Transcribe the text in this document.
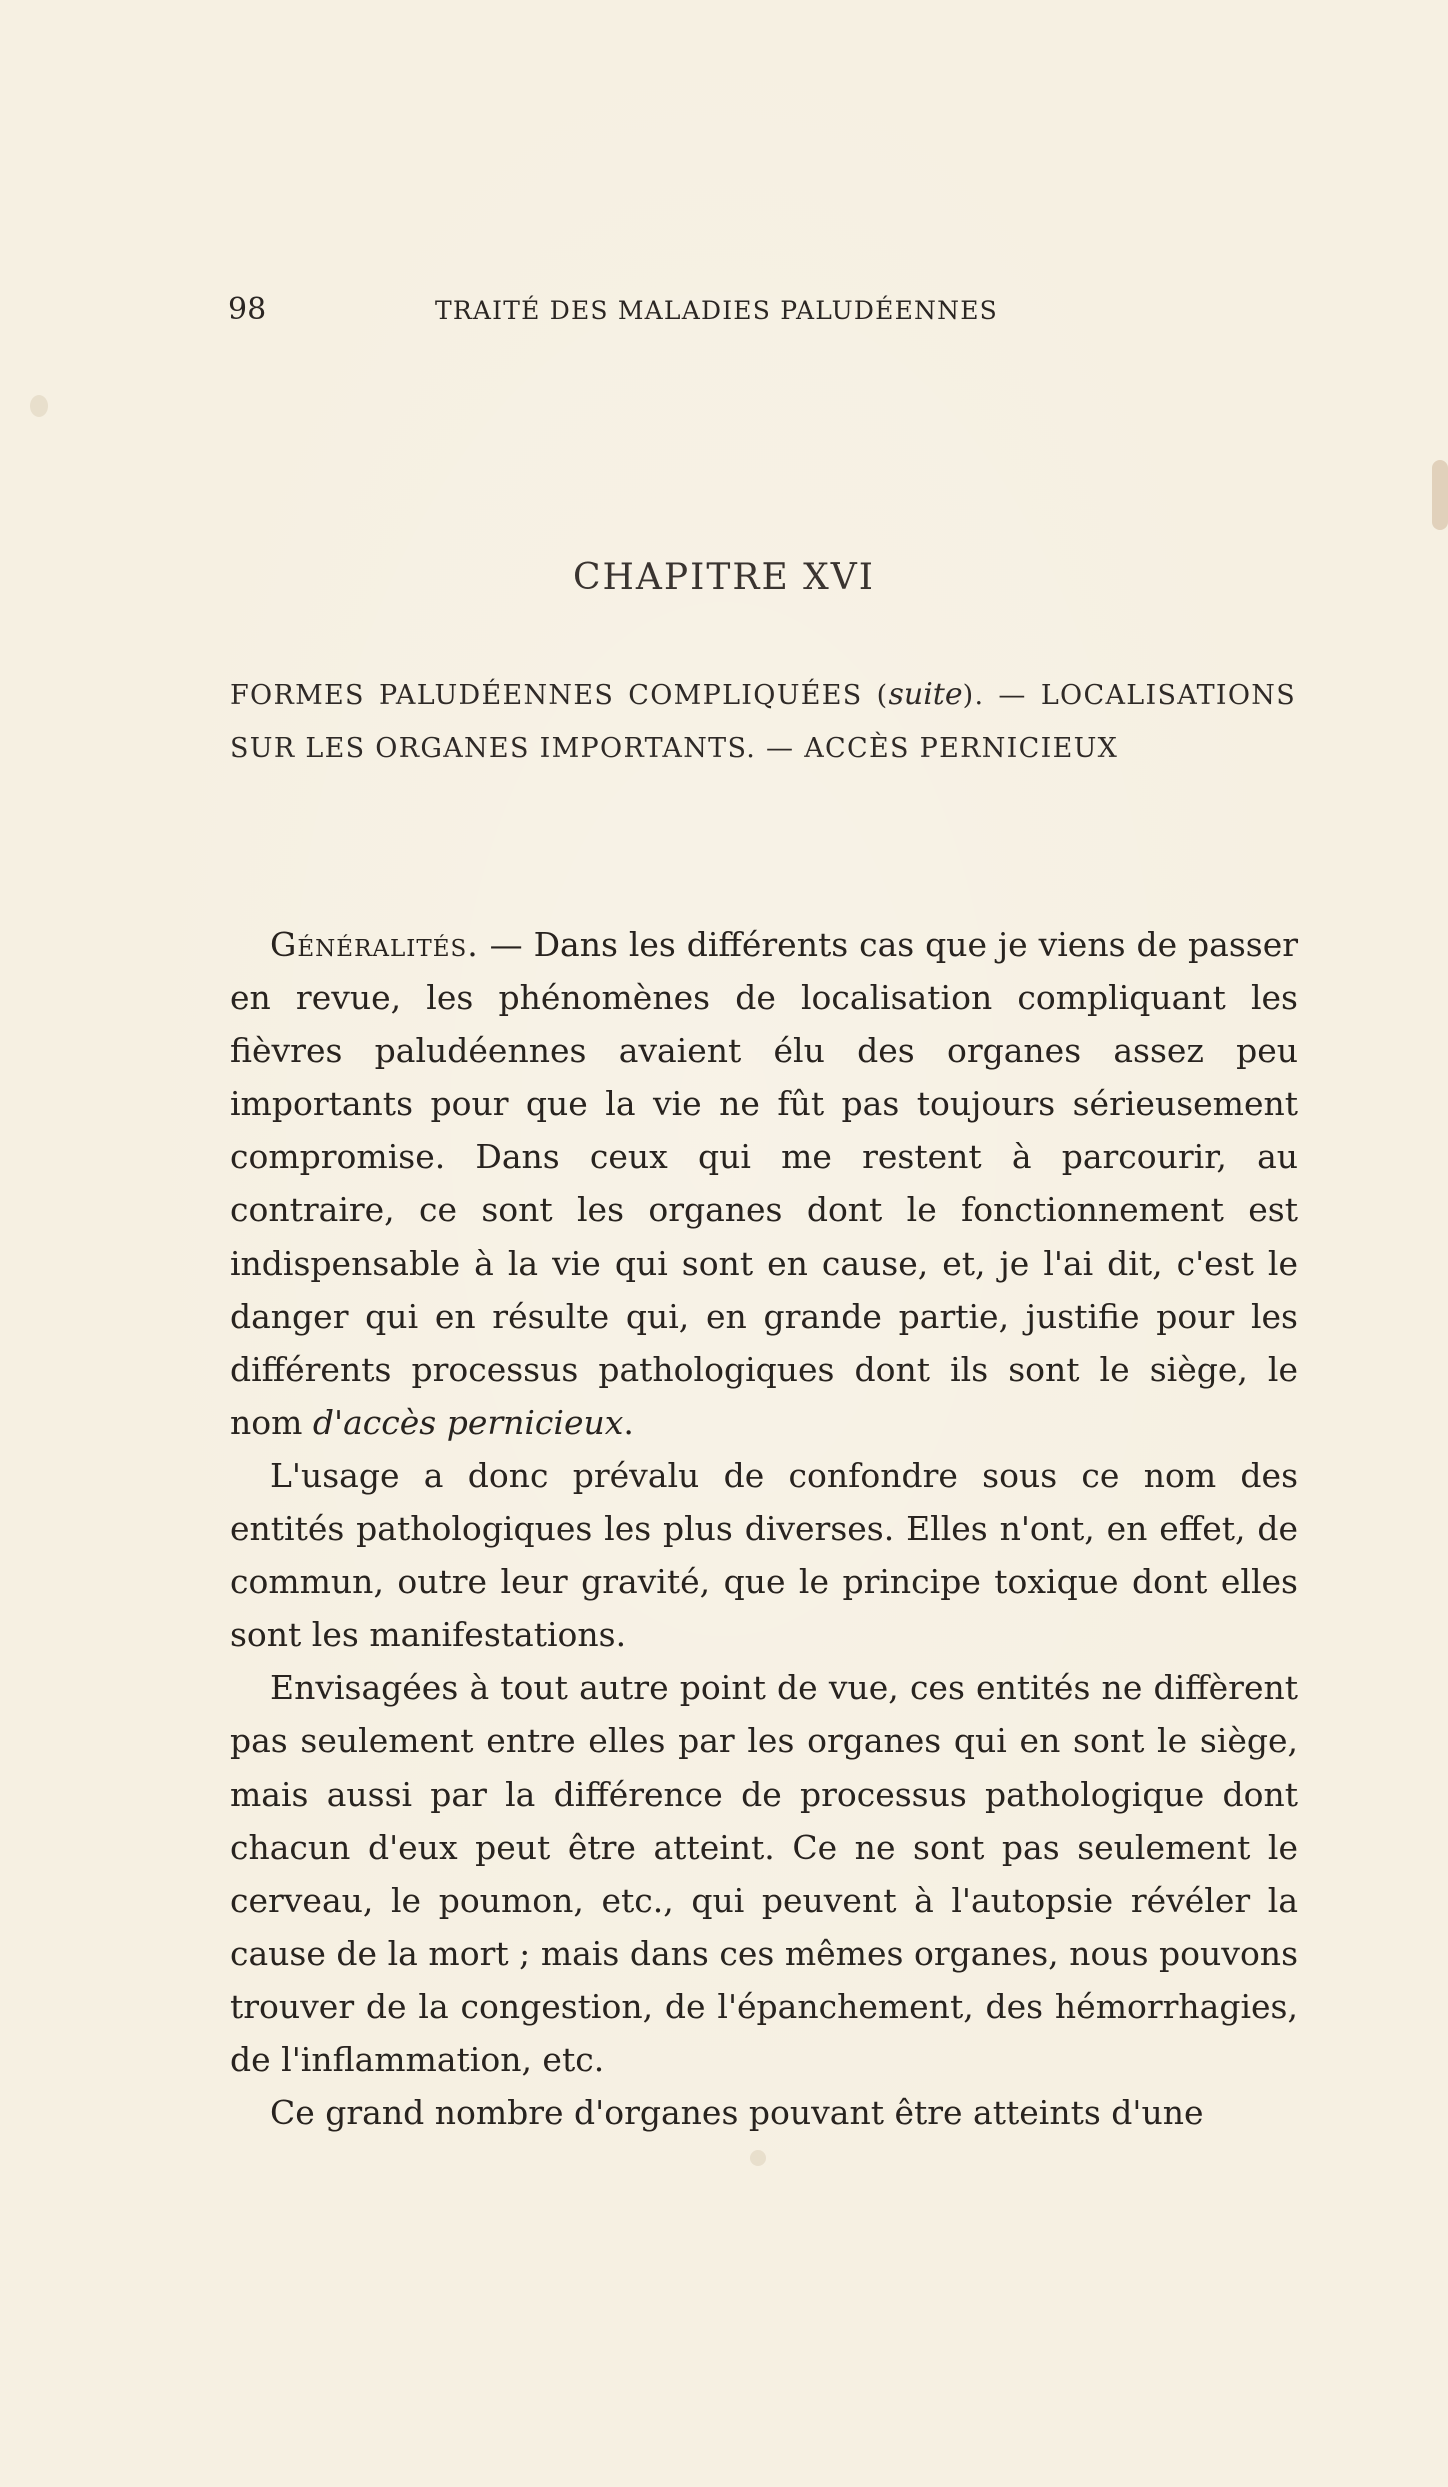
98	TRAITÉ DES MALADIES PALUDÉENNES
CHAPITRE XVI
FORMES PALUDÉENNES COMPLIQUÉES (suite). — LOCALISATIONS SUR LES ORGANES IMPORTANTS. — ACCÈS PERNICIEUX

Généralités. — Dans les différents cas que je viens de passer en revue, les phénomènes de localisation compliquant les fièvres paludéennes avaient élu des organes assez peu importants pour que la vie ne fût pas toujours sérieusement compromise. Dans ceux qui me restent à parcourir, au contraire, ce sont les organes dont le fonctionnement est indispensable à la vie qui sont en cause, et, je l'ai dit, c'est le danger qui en résulte qui, en grande partie, justifie pour les différents processus pathologiques dont ils sont le siège, le nom d'accès pernicieux.

L'usage a donc prévalu de confondre sous ce nom des entités pathologiques les plus diverses. Elles n'ont, en effet, de commun, outre leur gravité, que le principe toxique dont elles sont les manifestations.

Envisagées à tout autre point de vue, ces entités ne diffèrent pas seulement entre elles par les organes qui en sont le siège, mais aussi par la différence de processus pathologique dont chacun d'eux peut être atteint. Ce ne sont pas seulement le cerveau, le poumon, etc., qui peuvent à l'autopsie révéler la cause de la mort ; mais dans ces mêmes organes, nous pouvons trouver de la congestion, de l'épanchement, des hémorrhagies, de l'inflammation, etc.

Ce grand nombre d'organes pouvant être atteints d'une
